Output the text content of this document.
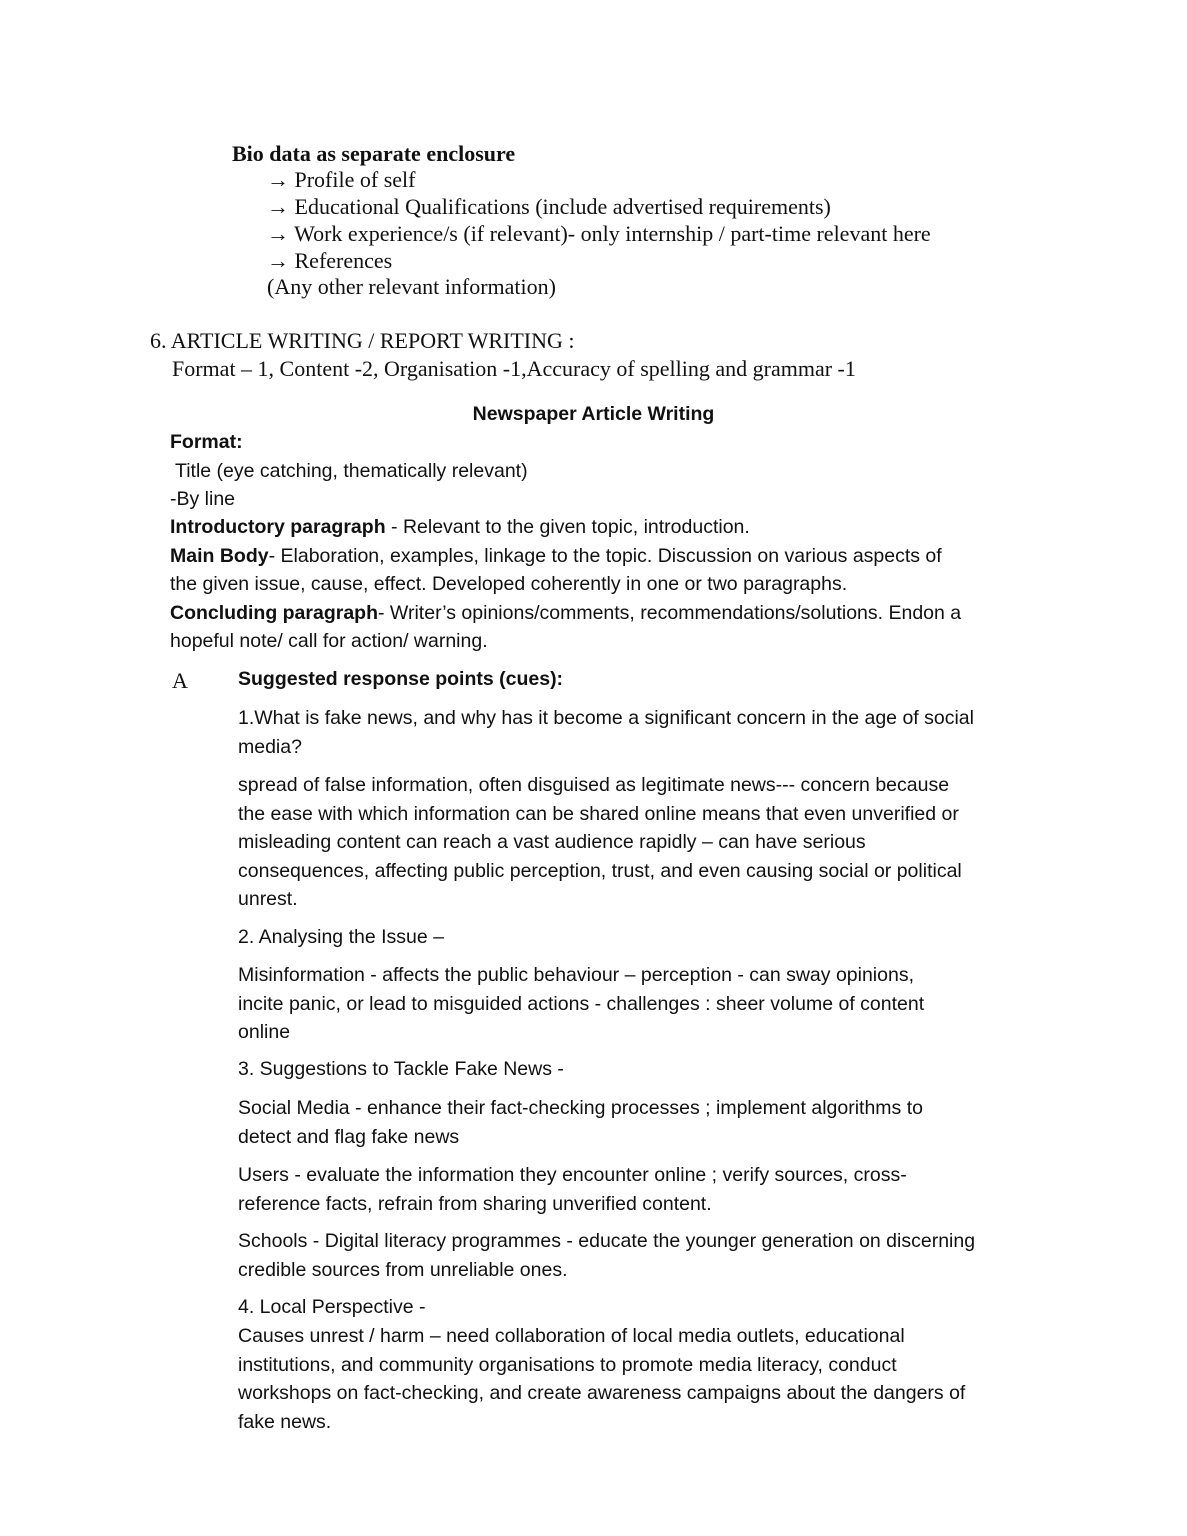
Bio data as separate enclosure
→ Profile of self
→ Educational Qualifications (include advertised requirements)
→ Work experience/s (if relevant)- only internship / part-time relevant here
→ References
(Any other relevant information)
6. ARTICLE WRITING / REPORT WRITING :
Format – 1, Content -2, Organisation -1,Accuracy of spelling and grammar -1
Newspaper Article Writing
Format:
Title (eye catching, thematically relevant)
-By line
Introductory paragraph - Relevant to the given topic, introduction.
Main Body- Elaboration, examples, linkage to the topic. Discussion on various aspects of
the given issue, cause, effect. Developed coherently in one or two paragraphs.
Concluding paragraph- Writer’s opinions/comments, recommendations/solutions. Endon a
hopeful note/ call for action/ warning.
A	Suggested response points (cues):
1.What is fake news, and why has it become a significant concern in the age of social
media?
spread of false information, often disguised as legitimate news--- concern because
the ease with which information can be shared online means that even unverified or
misleading content can reach a vast audience rapidly – can have serious
consequences, affecting public perception, trust, and even causing social or political
unrest.
2. Analysing the Issue –
Misinformation - affects the public behaviour – perception - can sway opinions,
incite panic, or lead to misguided actions - challenges : sheer volume of content
online
3. Suggestions to Tackle Fake News -
Social Media - enhance their fact-checking processes ; implement algorithms to
detect and flag fake news
Users - evaluate the information they encounter online ; verify sources, cross-
reference facts, refrain from sharing unverified content.
Schools - Digital literacy programmes - educate the younger generation on discerning
credible sources from unreliable ones.
4. Local Perspective -
Causes unrest / harm – need collaboration of local media outlets, educational
institutions, and community organisations to promote media literacy, conduct
workshops on fact-checking, and create awareness campaigns about the dangers of
fake news.
